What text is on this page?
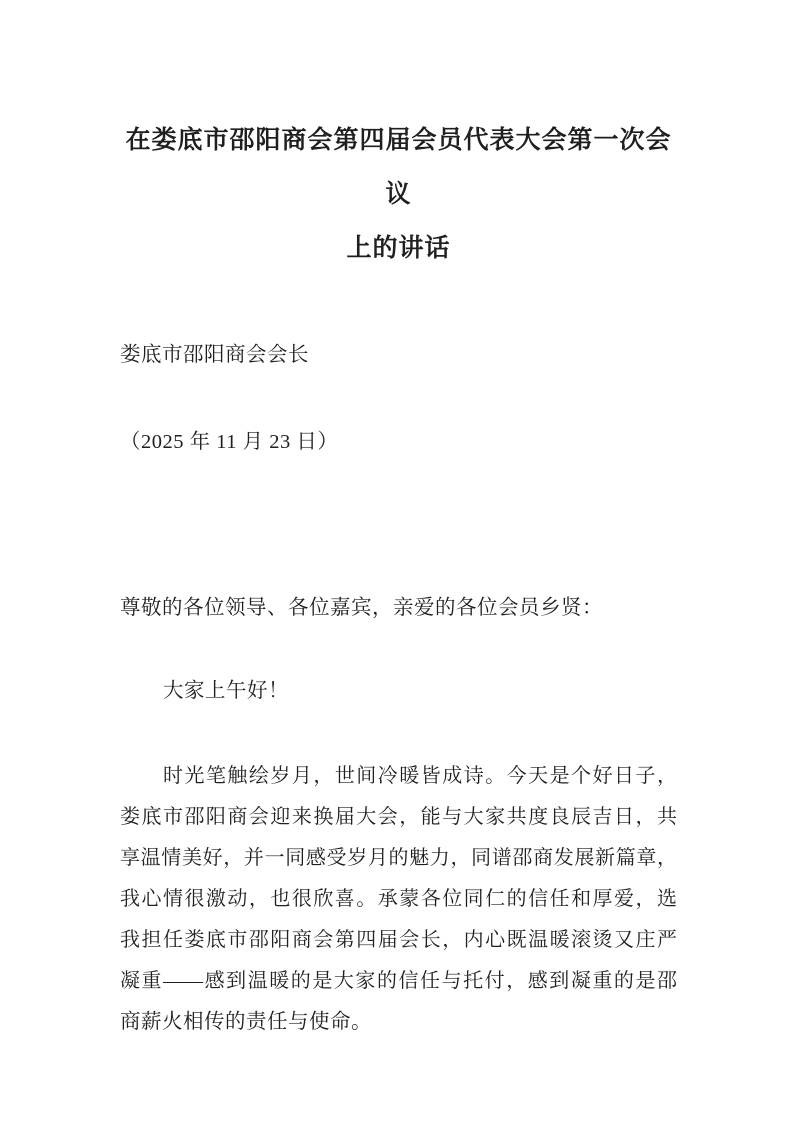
在娄底市邵阳商会第四届会员代表大会第一次会议
上的讲话
娄底市邵阳商会会长
（2025 年 11 月 23 日）
尊敬的各位领导、各位嘉宾，亲爱的各位会员乡贤：
大家上午好！
时光笔触绘岁月，世间冷暖皆成诗。今天是个好日子，
娄底市邵阳商会迎来换届大会，能与大家共度良辰吉日，共
享温情美好，并一同感受岁月的魅力，同谱邵商发展新篇章，
我心情很激动，也很欣喜。承蒙各位同仁的信任和厚爱，选
我担任娄底市邵阳商会第四届会长，内心既温暖滚烫又庄严
凝重——感到温暖的是大家的信任与托付，感到凝重的是邵
商薪火相传的责任与使命。
